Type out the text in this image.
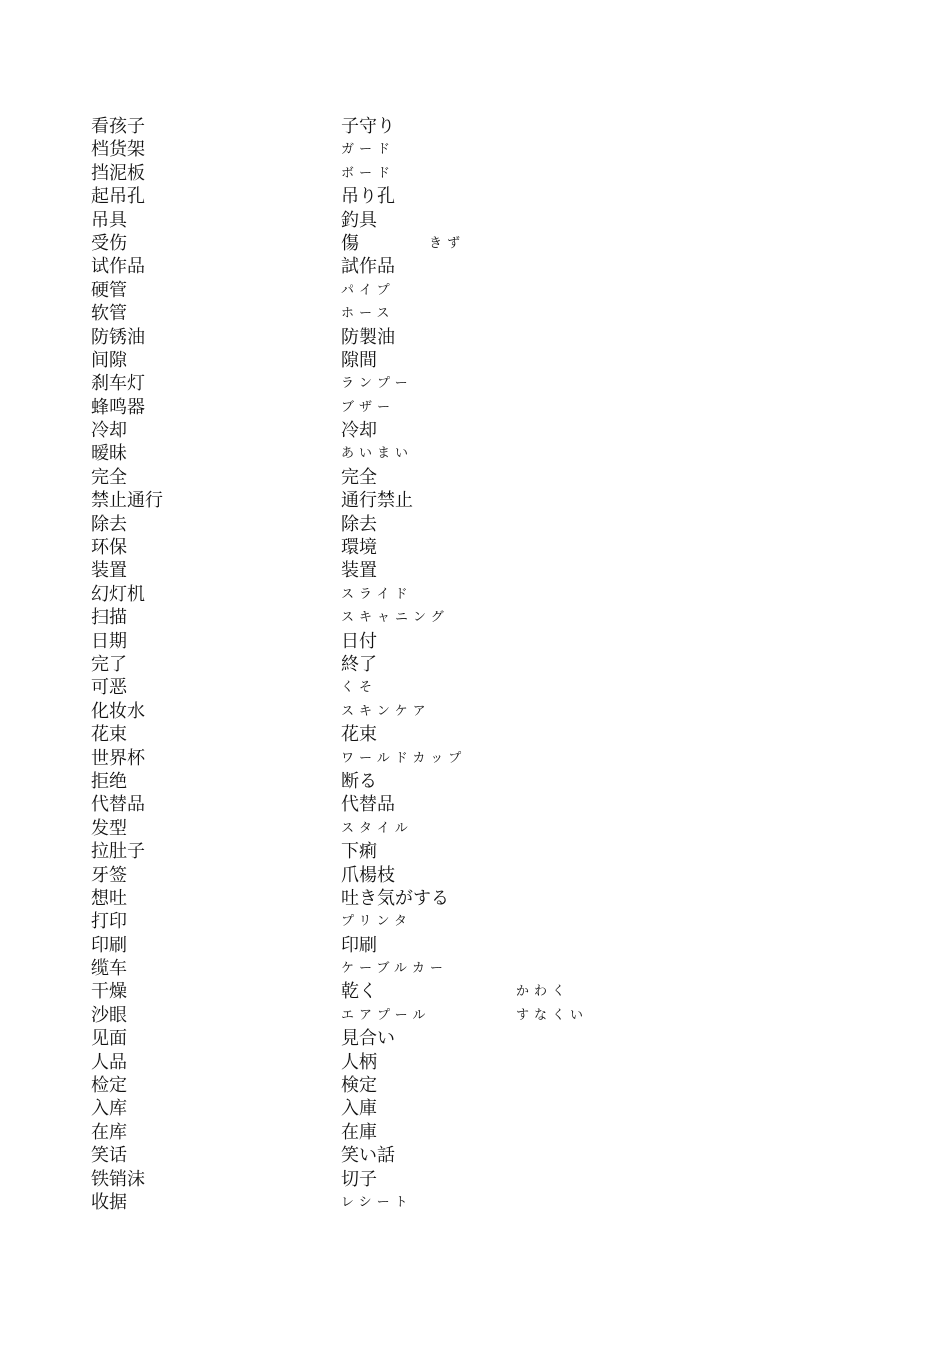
看孩子	子守り
档货架	ガード
挡泥板	ボード
起吊孔	吊り孔
吊具	釣具
受伤	傷	きず
试作品	試作品
硬管	パイプ
软管	ホース
防锈油	防製油
间隙	隙間
刹车灯	ランプー
蜂鸣器	ブザー
冷却	冷却
暧昧	あいまい
完全	完全
禁止通行	通行禁止
除去	除去
环保	環境
装置	装置
幻灯机	スライド
扫描	スキャニング
日期	日付
完了	終了
可恶	くそ
化妆水	スキンケア
花束	花束
世界杯	ワールドカップ
拒绝	断る
代替品	代替品
发型	スタイル
拉肚子	下痢
牙签	爪楊枝
想吐	吐き気がする
打印	プリンタ
印刷	印刷
缆车	ケーブルカー
干燥	乾く	かわく
沙眼	エアプール	すなくい
见面	見合い
人品	人柄
检定	検定
入库	入庫
在库	在庫
笑话	笑い話
铁销沫	切子
收据	レシート
